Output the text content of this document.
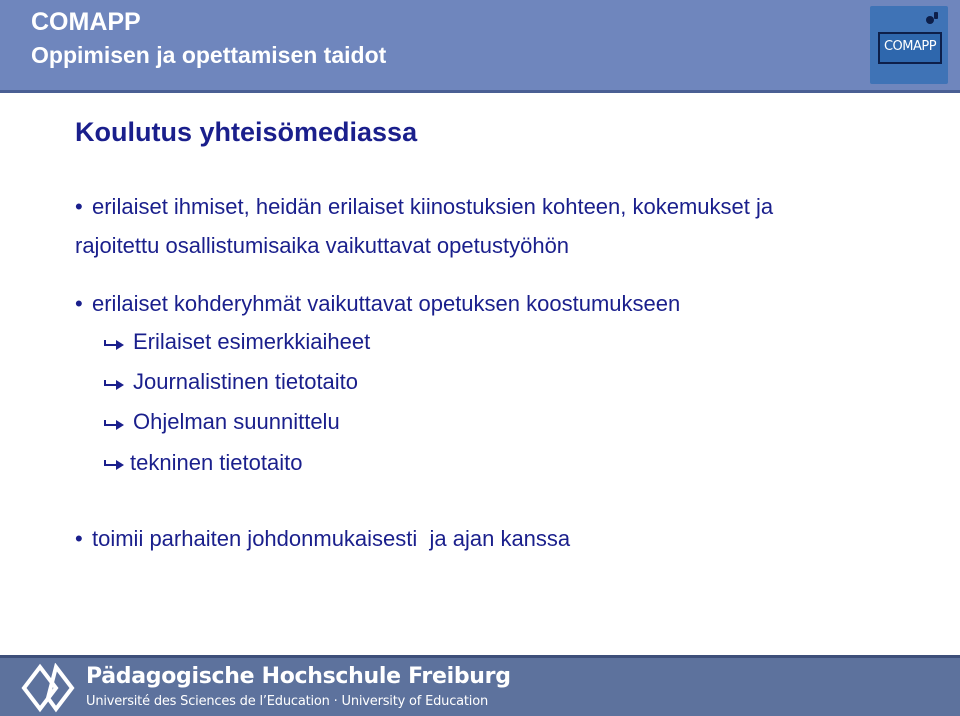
COMAPP
Oppimisen ja opettamisen taidot	COMAPP
Koulutus yhteisömediassa
• erilaiset ihmiset, heidän erilaiset kiinostuksien kohteen, kokemukset ja
rajoitettu osallistumisaika vaikuttavat opetustyöhön
• erilaiset kohderyhmät vaikuttavat opetuksen koostumukseen
Erilaiset esimerkkiaiheet
Journalistinen tietotaito
Ohjelman suunnittelu
tekninen tietotaito
• toimii parhaiten johdonmukaisesti  ja ajan kanssa
Pädagogische Hochschule Freiburg
Université des Sciences de l’Education · University of Education
